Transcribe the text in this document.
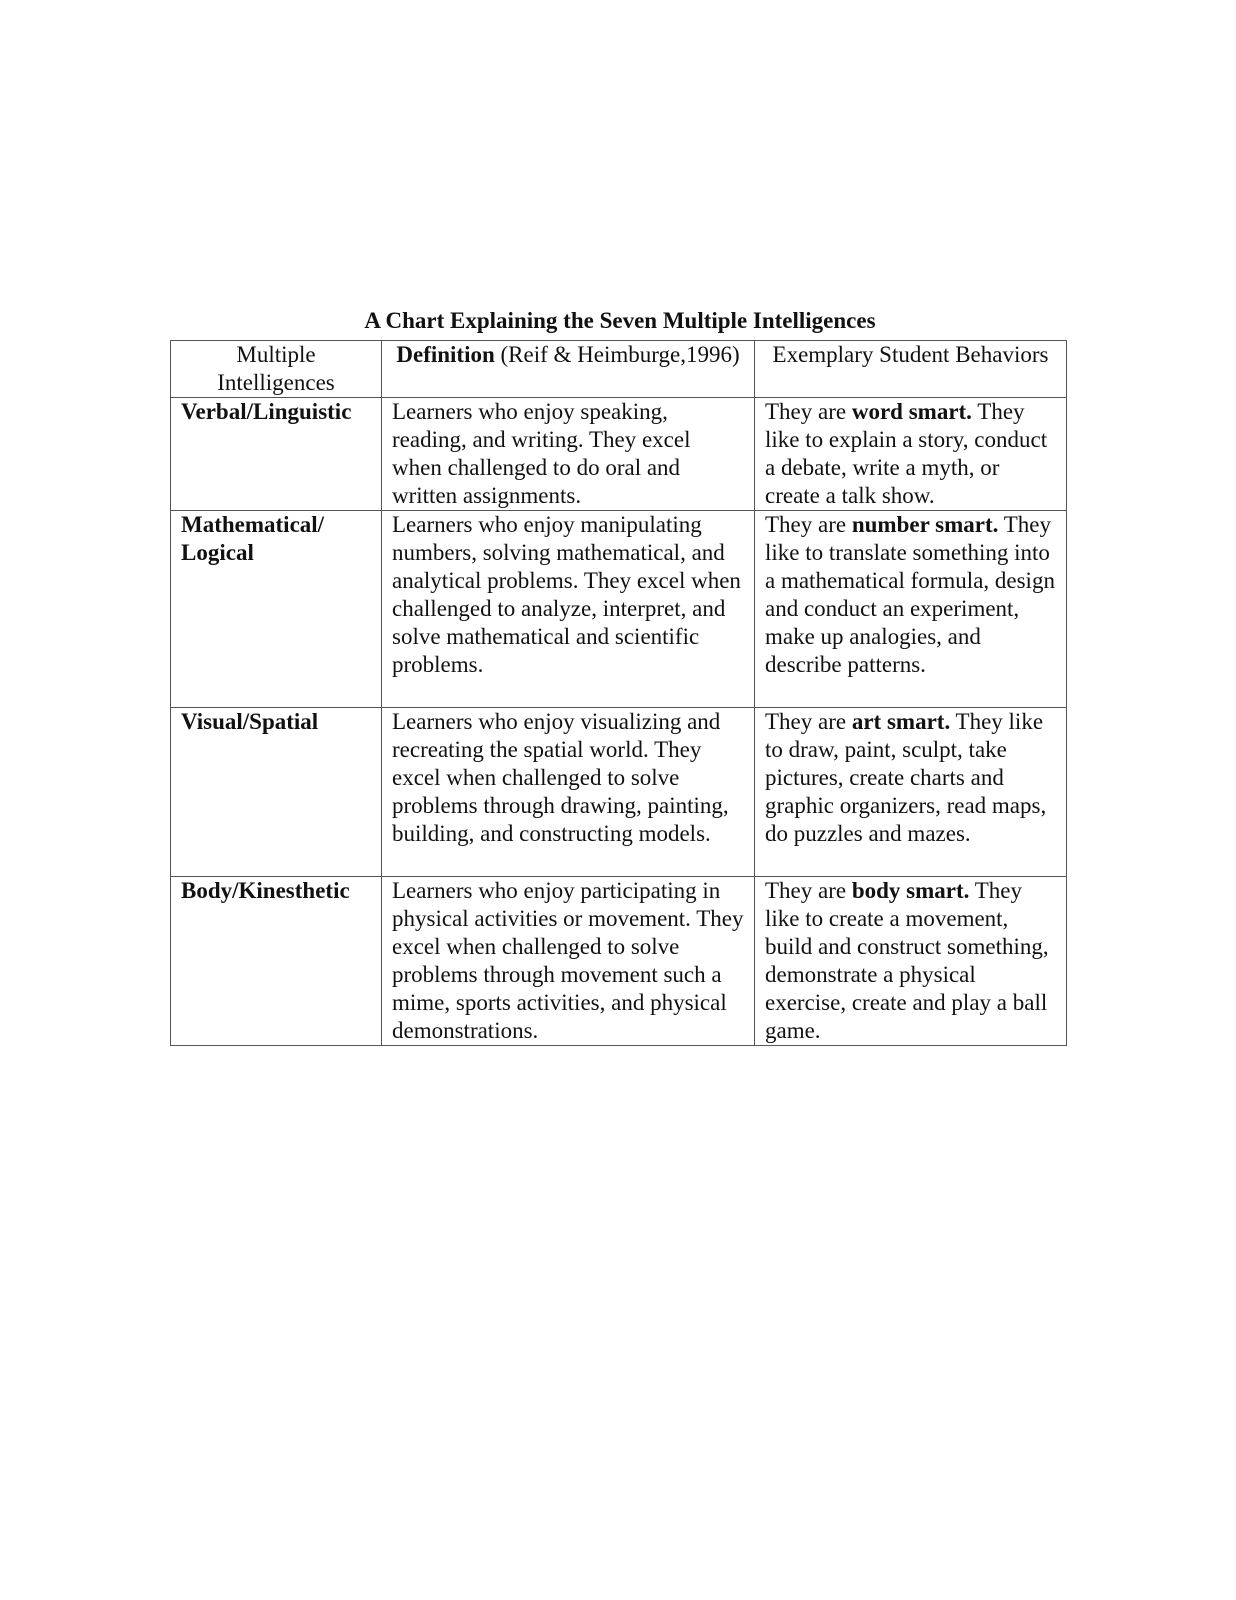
A Chart Explaining the Seven Multiple Intelligences
Multiple Intelligences	Definition (Reif & Heimburge,1996)	Exemplary Student Behaviors
Verbal/Linguistic	Learners who enjoy speaking, reading, and writing. They excel when challenged to do oral and written assignments.	They are word smart. They like to explain a story, conduct a debate, write a myth, or create a talk show.
Mathematical/ Logical	Learners who enjoy manipulating numbers, solving mathematical, and analytical problems. They excel when challenged to analyze, interpret, and solve mathematical and scientific problems.	They are number smart. They like to translate something into a mathematical formula, design and conduct an experiment, make up analogies, and describe patterns.
Visual/Spatial	Learners who enjoy visualizing and recreating the spatial world. They excel when challenged to solve problems through drawing, painting, building, and constructing models.	They are art smart. They like to draw, paint, sculpt, take pictures, create charts and graphic organizers, read maps, do puzzles and mazes.
Body/Kinesthetic	Learners who enjoy participating in physical activities or movement. They excel when challenged to solve problems through movement such a mime, sports activities, and physical demonstrations.	They are body smart. They like to create a movement, build and construct something, demonstrate a physical exercise, create and play a ball game.
